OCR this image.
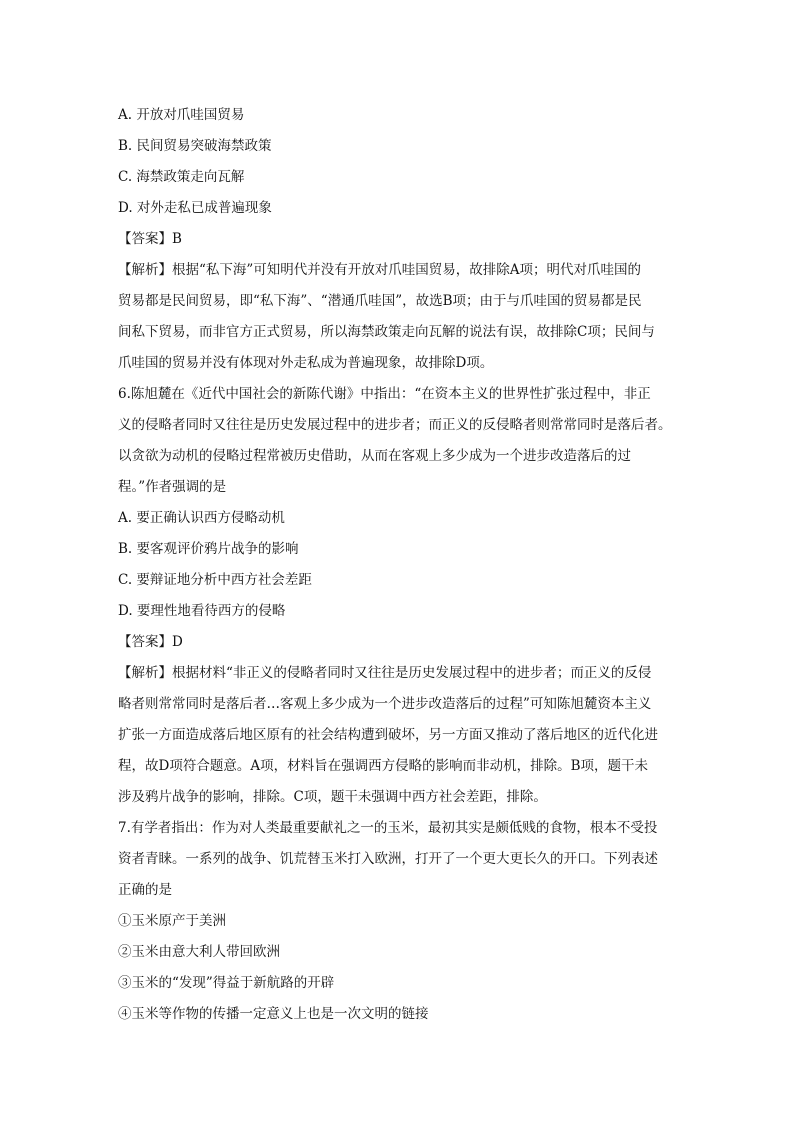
A. 开放对爪哇国贸易
B. 民间贸易突破海禁政策
C. 海禁政策走向瓦解
D. 对外走私已成普遍现象
【答案】B
【解析】根据“私下海”可知明代并没有开放对爪哇国贸易，故排除A项；明代对爪哇国的
贸易都是民间贸易，即“私下海”、“潜通爪哇国”，故选B项；由于与爪哇国的贸易都是民
间私下贸易，而非官方正式贸易，所以海禁政策走向瓦解的说法有误，故排除C项；民间与
爪哇国的贸易并没有体现对外走私成为普遍现象，故排除D项。
6.陈旭麓在《近代中国社会的新陈代谢》中指出：“在资本主义的世界性扩张过程中，非正
义的侵略者同时又往往是历史发展过程中的进步者；而正义的反侵略者则常常同时是落后者。
以贪欲为动机的侵略过程常被历史借助，从而在客观上多少成为一个进步改造落后的过
程。”作者强调的是
A. 要正确认识西方侵略动机
B. 要客观评价鸦片战争的影响
C. 要辩证地分析中西方社会差距
D. 要理性地看待西方的侵略
【答案】D
【解析】根据材料“非正义的侵略者同时又往往是历史发展过程中的进步者；而正义的反侵
略者则常常同时是落后者…客观上多少成为一个进步改造落后的过程”可知陈旭麓资本主义
扩张一方面造成落后地区原有的社会结构遭到破坏，另一方面又推动了落后地区的近代化进
程，故D项符合题意。A项，材料旨在强调西方侵略的影响而非动机，排除。B项，题干未
涉及鸦片战争的影响，排除。C项，题干未强调中西方社会差距，排除。
7.有学者指出：作为对人类最重要献礼之一的玉米，最初其实是颇低贱的食物，根本不受投
资者青睐。一系列的战争、饥荒替玉米打入欧洲，打开了一个更大更长久的开口。下列表述
正确的是
①玉米原产于美洲
②玉米由意大利人带回欧洲
③玉米的“发现”得益于新航路的开辟
④玉米等作物的传播一定意义上也是一次文明的链接
